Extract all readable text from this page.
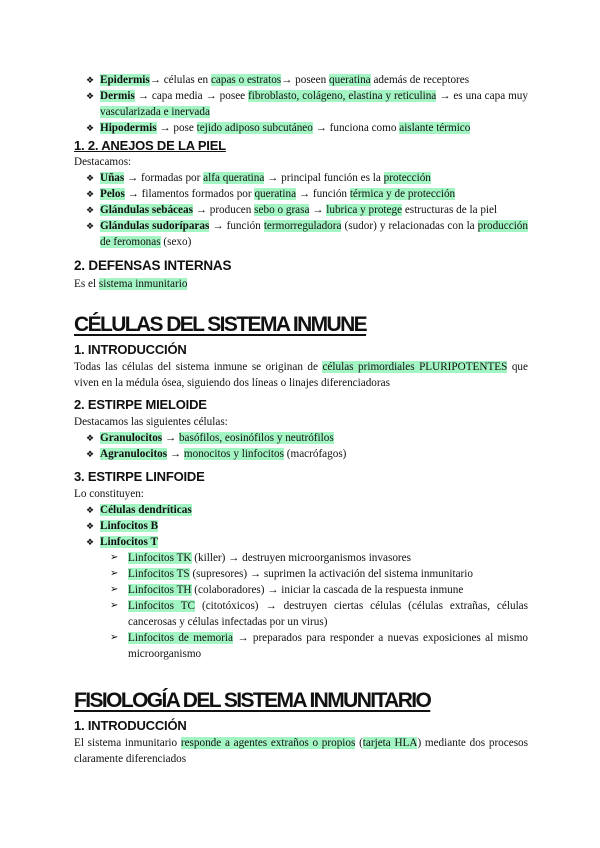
❖ Epidermis→ células en capas o estratos→ poseen queratina además de receptores
❖ Dermis → capa media → posee fibroblasto, colágeno, elastina y reticulina → es una capa muy vascularizada e inervada
❖ Hipodermis → pose tejido adiposo subcutáneo → funciona como aislante térmico
1. 2. ANEJOS DE LA PIEL
Destacamos:
❖ Uñas → formadas por alfa queratina → principal función es la protección
❖ Pelos → filamentos formados por queratina → función térmica y de protección
❖ Glándulas sebáceas → producen sebo o grasa → lubrica y protege estructuras de la piel
❖ Glándulas sudoríparas → función termorreguladora (sudor) y relacionadas con la producción de feromonas (sexo)
2. DEFENSAS INTERNAS
Es el sistema inmunitario
CÉLULAS DEL SISTEMA INMUNE
1. INTRODUCCIÓN
Todas las células del sistema inmune se originan de células primordiales PLURIPOTENTES que viven en la médula ósea, siguiendo dos líneas o linajes diferenciadoras
2. ESTIRPE MIELOIDE
Destacamos las siguientes células:
❖ Granulocitos → basófilos, eosinófilos y neutrófilos
❖ Agranulocitos → monocitos y linfocitos (macrófagos)
3. ESTIRPE LINFOIDE
Lo constituyen:
❖ Células dendríticas
❖ Linfocitos B
❖ Linfocitos T
➢ Linfocitos TK (killer) → destruyen microorganismos invasores
➢ Linfocitos TS (supresores) → suprimen la activación del sistema inmunitario
➢ Linfocitos TH (colaboradores) → iniciar la cascada de la respuesta inmune
➢ Linfocitos TC (citotóxicos) → destruyen ciertas células (células extrañas, células cancerosas y células infectadas por un virus)
➢ Linfocitos de memoria → preparados para responder a nuevas exposiciones al mismo microorganismo
FISIOLOGÍA DEL SISTEMA INMUNITARIO
1. INTRODUCCIÓN
El sistema inmunitario responde a agentes extraños o propios (tarjeta HLA) mediante dos procesos claramente diferenciados
